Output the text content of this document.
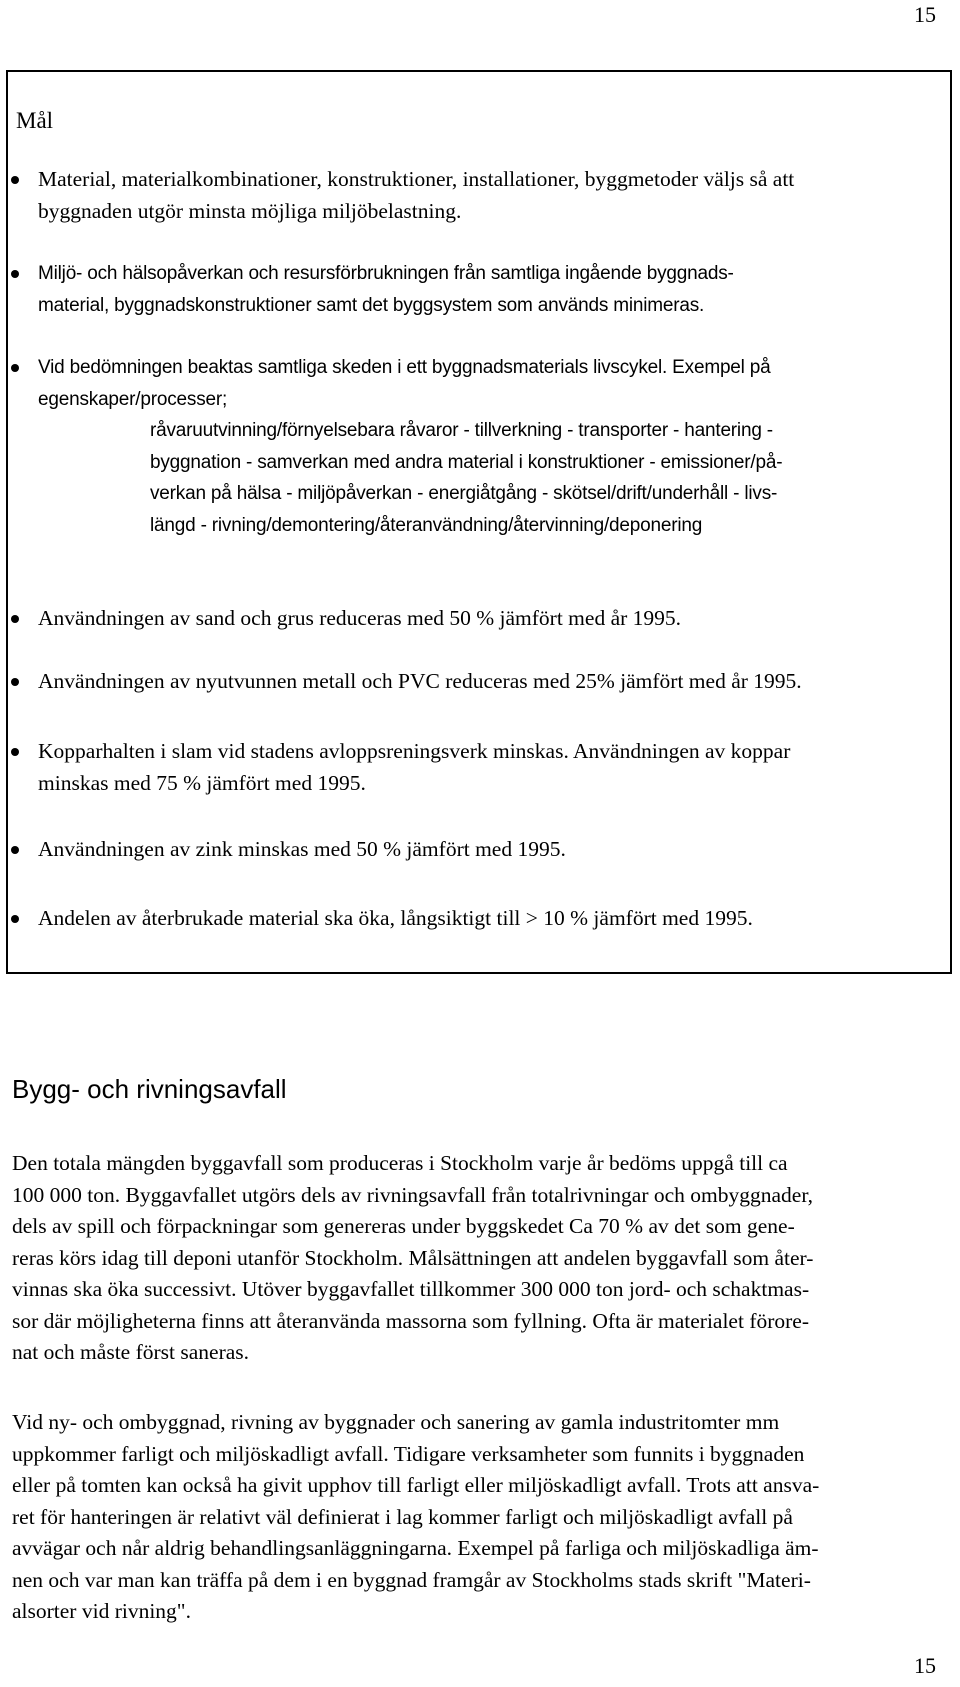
15
Mål
Material, materialkombinationer, konstruktioner, installationer, byggmetoder väljs så att
byggnaden utgör minsta möjliga miljöbelastning.
Miljö- och hälsopåverkan och resursförbrukningen från samtliga ingående byggnads-
material, byggnadskonstruktioner samt det byggsystem som används minimeras.
Vid bedömningen beaktas samtliga skeden i ett byggnadsmaterials livscykel. Exempel på
egenskaper/processer;
råvaruutvinning/förnyelsebara råvaror - tillverkning - transporter - hantering -
byggnation - samverkan med andra material i konstruktioner - emissioner/på-
verkan på hälsa - miljöpåverkan - energiåtgång - skötsel/drift/underhåll - livs-
längd - rivning/demontering/återanvändning/återvinning/deponering
Användningen av sand och grus reduceras med 50 % jämfört med år 1995.
Användningen av nyutvunnen metall och PVC reduceras med 25% jämfört med år 1995.
Kopparhalten i slam vid stadens avloppsreningsverk minskas. Användningen av koppar
minskas med 75 % jämfört med 1995.
Användningen av zink minskas med 50 % jämfört med 1995.
Andelen av återbrukade material ska öka, långsiktigt till > 10 % jämfört med 1995.
Bygg- och rivningsavfall
Den totala mängden byggavfall som produceras i Stockholm varje år bedöms uppgå till ca
100 000 ton. Byggavfallet utgörs dels av rivningsavfall från totalrivningar och ombyggnader,
dels av spill och förpackningar som genereras under byggskedet Ca 70 % av det som gene-
reras körs idag till deponi utanför Stockholm. Målsättningen att andelen byggavfall som åter-
vinnas ska öka successivt. Utöver byggavfallet tillkommer 300 000 ton jord- och schaktmas-
sor där möjligheterna finns att återanvända massorna som fyllning. Ofta är materialet förore-
nat och måste först saneras.
Vid ny- och ombyggnad, rivning av byggnader och sanering av gamla industritomter mm
uppkommer farligt och miljöskadligt avfall. Tidigare verksamheter som funnits i byggnaden
eller på tomten kan också ha givit upphov till farligt eller miljöskadligt avfall. Trots att ansva-
ret för hanteringen är relativt väl definierat i lag kommer farligt och miljöskadligt avfall på
avvägar och når aldrig behandlingsanläggningarna. Exempel på farliga och miljöskadliga äm-
nen och var man kan träffa på dem i en byggnad framgår av Stockholms stads skrift "Materi-
alsorter vid rivning".
15
